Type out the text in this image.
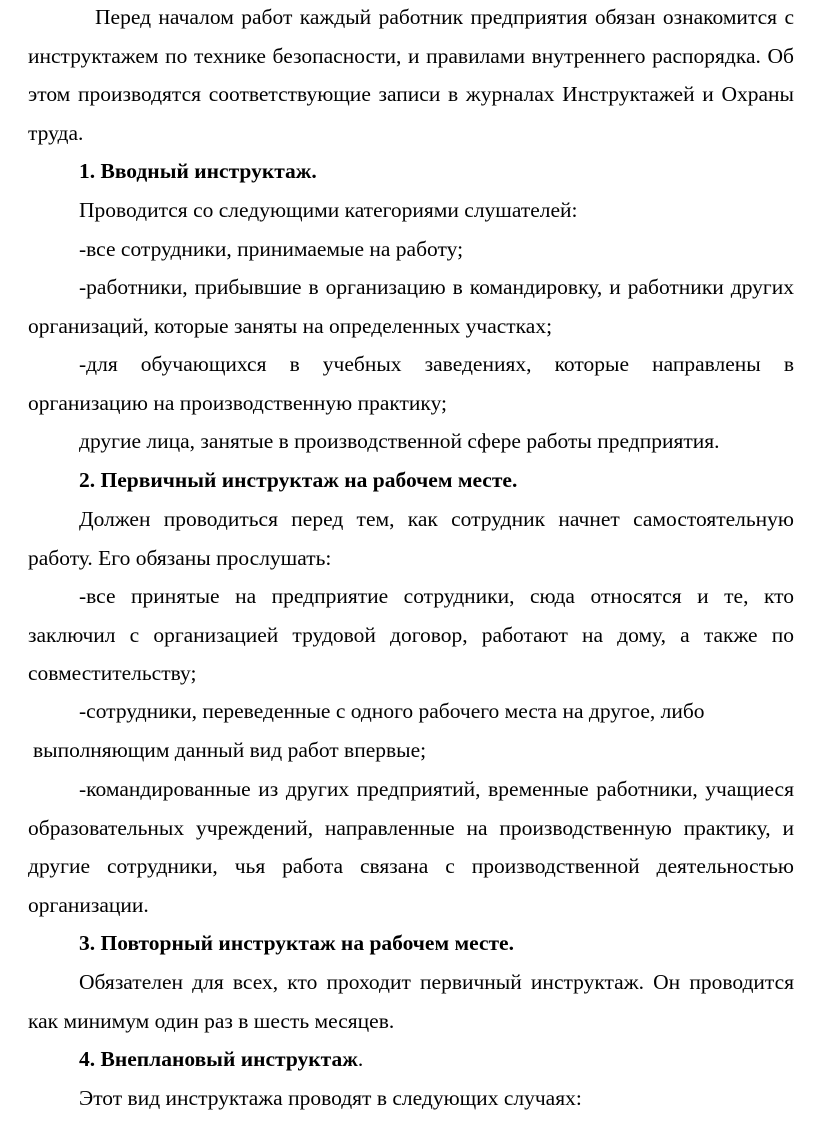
Перед началом работ каждый работник предприятия обязан ознакомится с инструктажем по технике безопасности, и правилами внутреннего распорядка. Об этом производятся соответствующие записи в журналах Инструктажей и Охраны труда.

1. Вводный инструктаж.

Проводится со следующими категориями слушателей:

-все сотрудники, принимаемые на работу;

-работники, прибывшие в организацию в командировку, и работники других организаций, которые заняты на определенных участках;

-для обучающихся в учебных заведениях, которые направлены в организацию на производственную практику;

другие лица, занятые в производственной сфере работы предприятия.

2. Первичный инструктаж на рабочем месте.

Должен проводиться перед тем, как сотрудник начнет самостоятельную работу. Его обязаны прослушать:

-все принятые на предприятие сотрудники, сюда относятся и те, кто заключил с организацией трудовой договор, работают на дому, а также по совместительству;

-сотрудники, переведенные с одного рабочего места на другое, либо

выполняющим данный вид работ впервые;

-командированные из других предприятий, временные работники, учащиеся образовательных учреждений, направленные на производственную практику, и другие сотрудники, чья работа связана с производственной деятельностью организации.

3. Повторный инструктаж на рабочем месте.

Обязателен для всех, кто проходит первичный инструктаж. Он проводится как минимум один раз в шесть месяцев.

4. Внеплановый инструктаж.

Этот вид инструктажа проводят в следующих случаях:
